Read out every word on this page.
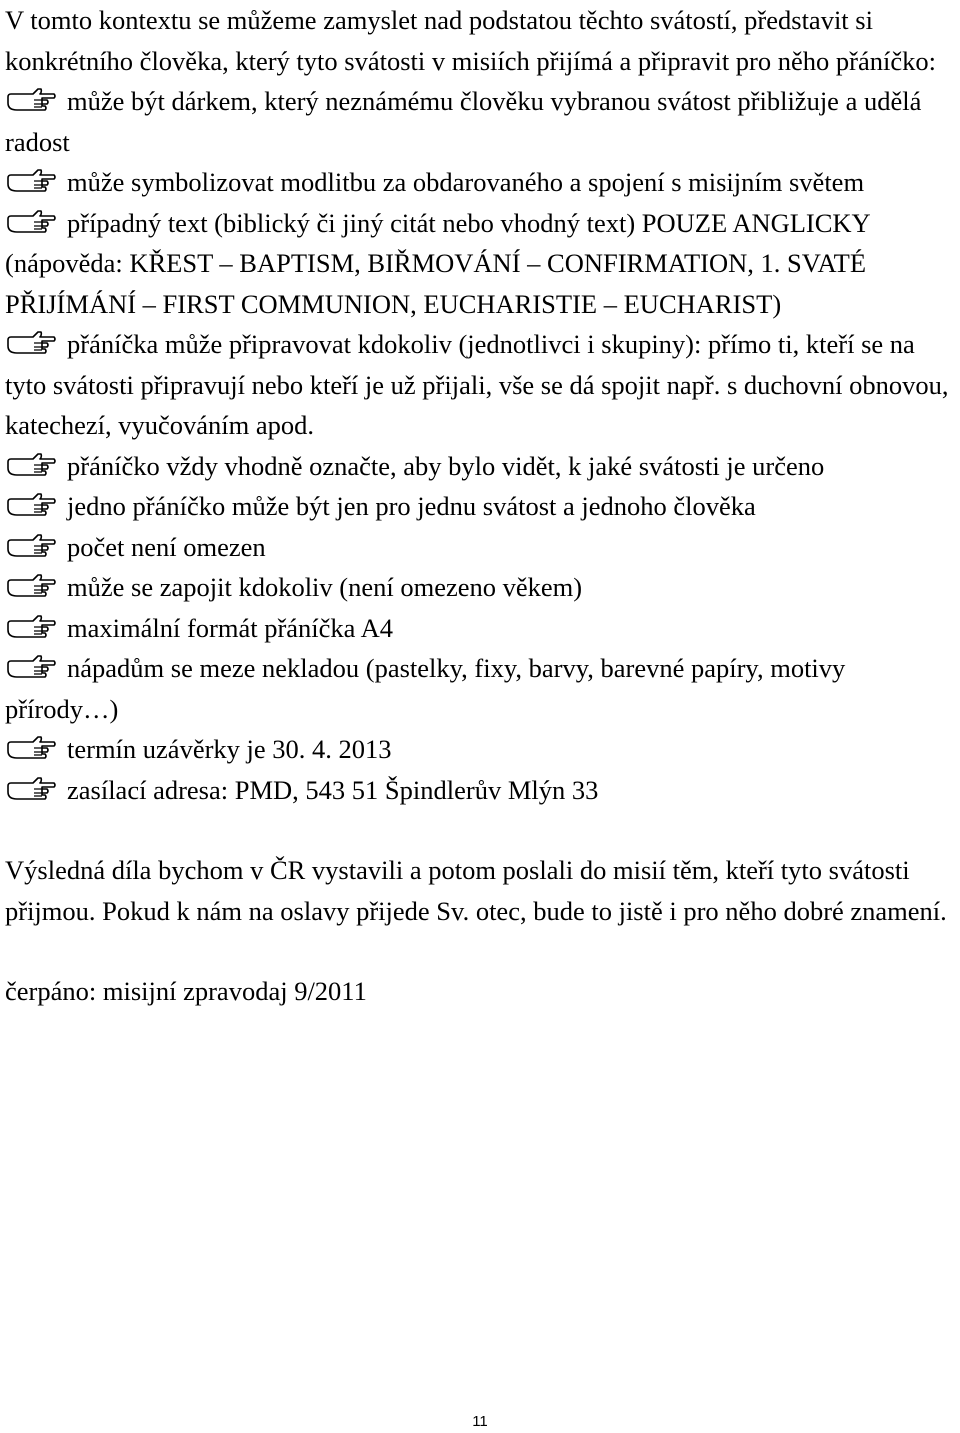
V tomto kontextu se můžeme zamyslet nad podstatou těchto svátostí, představit si konkrétního člověka, který tyto svátosti v misiích přijímá a připravit pro něho přáníčko:

může být dárkem, který neznámému člověku vybranou svátost přibližuje a udělá radost
může symbolizovat modlitbu za obdarovaného a spojení s misijním světem
případný text (biblický či jiný citát nebo vhodný text) POUZE ANGLICKY (nápověda: KŘEST – BAPTISM, BIŘMOVÁNÍ – CONFIRMATION, 1. SVATÉ PŘIJÍMÁNÍ – FIRST COMMUNION, EUCHARISTIE – EUCHARIST)
přáníčka může připravovat kdokoliv (jednotlivci i skupiny): přímo ti, kteří se na tyto svátosti připravují nebo kteří je už přijali, vše se dá spojit např. s duchovní obnovou, katechezí, vyučováním apod.
přáníčko vždy vhodně označte, aby bylo vidět, k jaké svátosti je určeno
jedno přáníčko může být jen pro jednu svátost a jednoho člověka
počet není omezen
může se zapojit kdokoliv (není omezeno věkem)
maximální formát přáníčka A4
nápadům se meze nekladou (pastelky, fixy, barvy, barevné papíry, motivy přírody…)
termín uzávěrky je 30. 4. 2013
zasílací adresa: PMD, 543 51 Špindlerův Mlýn 33

Výsledná díla bychom v ČR vystavili a potom poslali do misií těm, kteří tyto svátosti přijmou. Pokud k nám na oslavy přijede Sv. otec, bude to jistě i pro něho dobré znamení.

čerpáno: misijní zpravodaj 9/2011

11
